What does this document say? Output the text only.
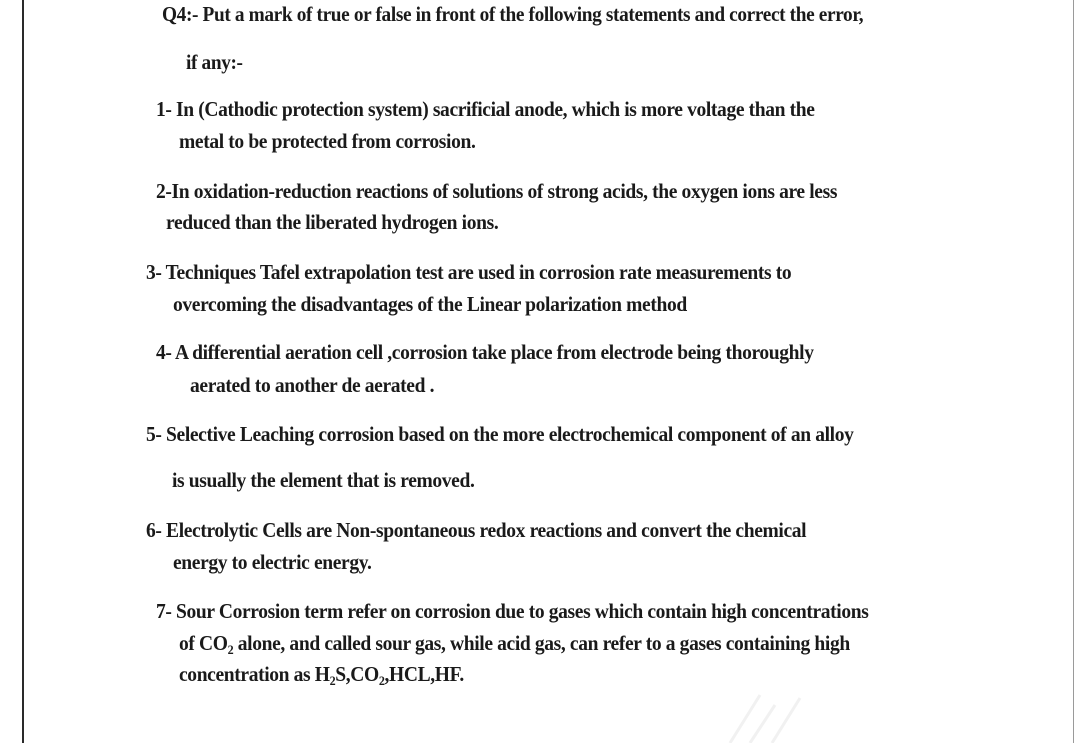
Q4:- Put a mark of true or false in front of the following statements and correct the error,
if any:-
1- In (Cathodic protection system) sacrificial anode, which is more voltage than the
metal to be protected from corrosion.
2-In oxidation-reduction reactions of solutions of strong acids, the oxygen ions are less
reduced than the liberated hydrogen ions.
3- Techniques Tafel extrapolation test are used in corrosion rate measurements to
overcoming the disadvantages of the Linear polarization method
4- A differential aeration cell ,corrosion take place from electrode being thoroughly
aerated to another de aerated .
5- Selective Leaching corrosion based on the more electrochemical component of an alloy
is usually the element that is removed.
6- Electrolytic Cells are Non-spontaneous redox reactions and convert the chemical
energy to electric energy.
7- Sour Corrosion term refer on corrosion due to gases which contain high concentrations
of $CO_2$ alone, and called sour gas, while acid gas, can refer to a gases containing high
concentration as $H_2S,CO_2,HCL,HF$.
